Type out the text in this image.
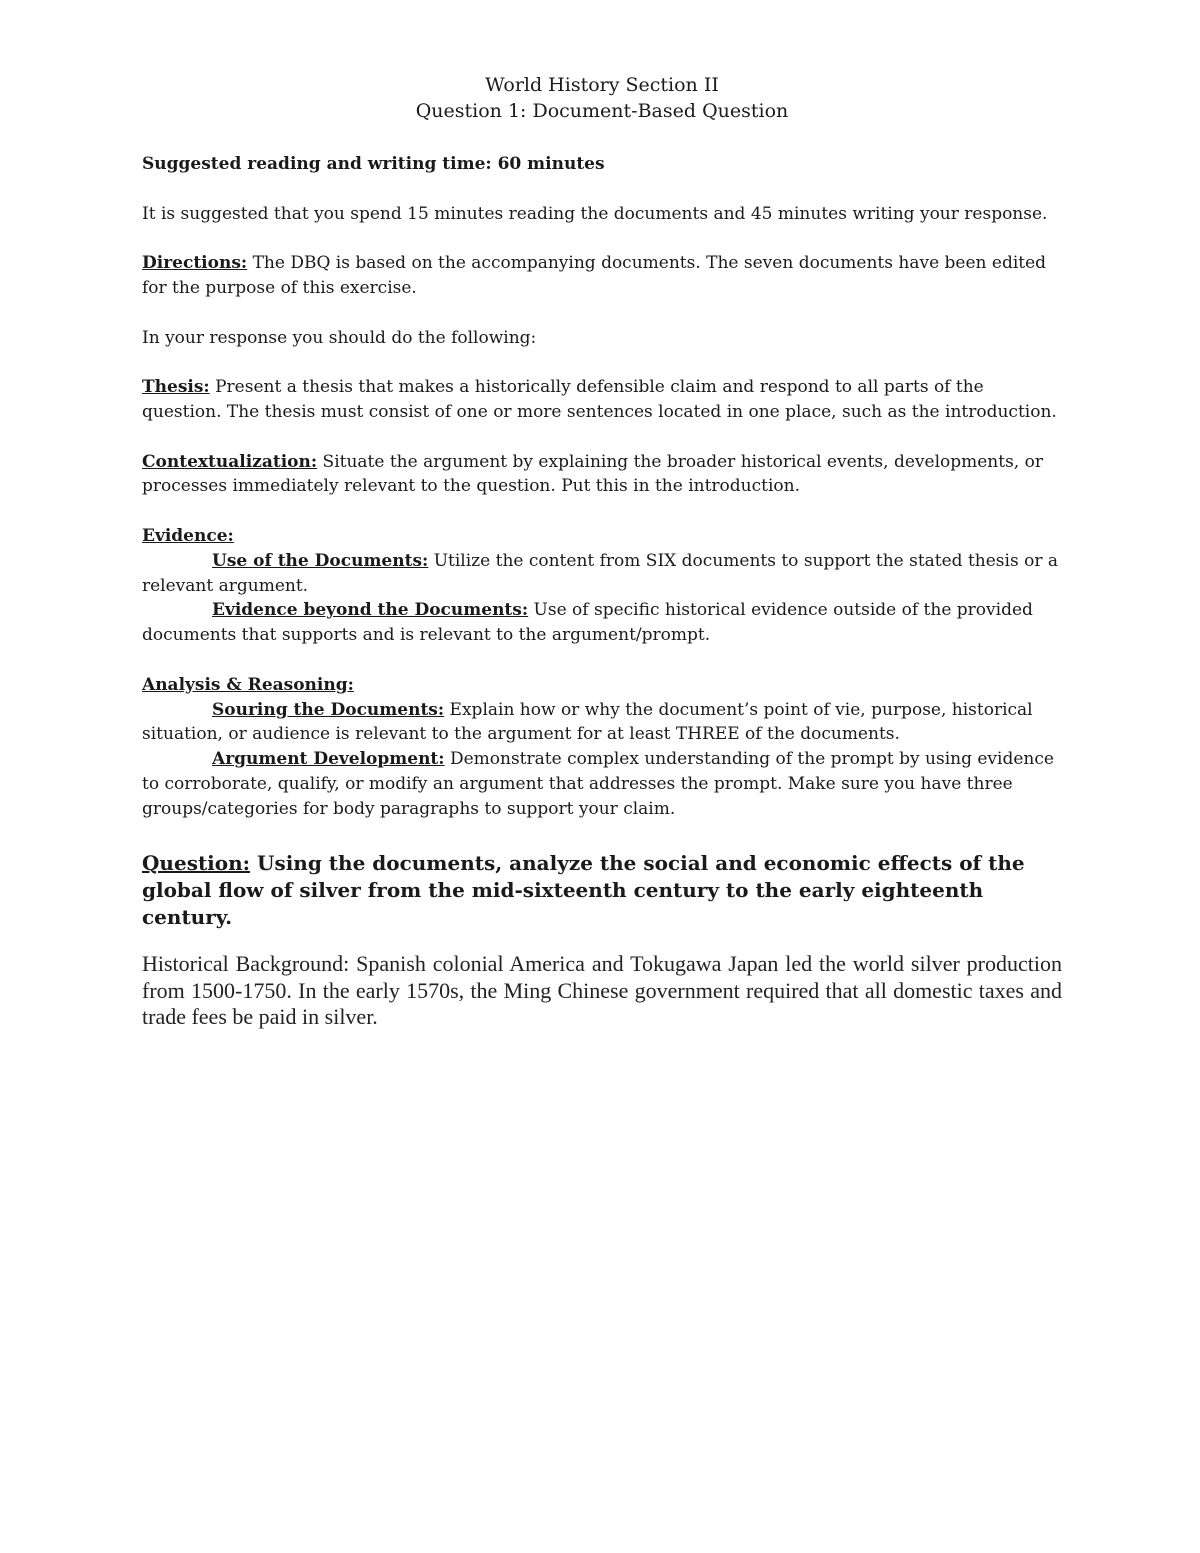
World History Section II
Question 1: Document-Based Question

Suggested reading and writing time: 60 minutes

It is suggested that you spend 15 minutes reading the documents and 45 minutes writing your response.

Directions: The DBQ is based on the accompanying documents. The seven documents have been edited for the purpose of this exercise.

In your response you should do the following:

Thesis: Present a thesis that makes a historically defensible claim and respond to all parts of the question. The thesis must consist of one or more sentences located in one place, such as the introduction.

Contextualization: Situate the argument by explaining the broader historical events, developments, or processes immediately relevant to the question. Put this in the introduction.

Evidence:

Use of the Documents: Utilize the content from SIX documents to support the stated thesis or a relevant argument.

Evidence beyond the Documents: Use of specific historical evidence outside of the provided documents that supports and is relevant to the argument/prompt.

Analysis & Reasoning:

Souring the Documents: Explain how or why the document’s point of vie, purpose, historical situation, or audience is relevant to the argument for at least THREE of the documents.

Argument Development: Demonstrate complex understanding of the prompt by using evidence to corroborate, qualify, or modify an argument that addresses the prompt. Make sure you have three groups/categories for body paragraphs to support your claim.

Question: Using the documents, analyze the social and economic effects of the global flow of silver from the mid-sixteenth century to the early eighteenth century.

Historical Background: Spanish colonial America and Tokugawa Japan led the world silver production from 1500-1750. In the early 1570s, the Ming Chinese government required that all domestic taxes and trade fees be paid in silver.
